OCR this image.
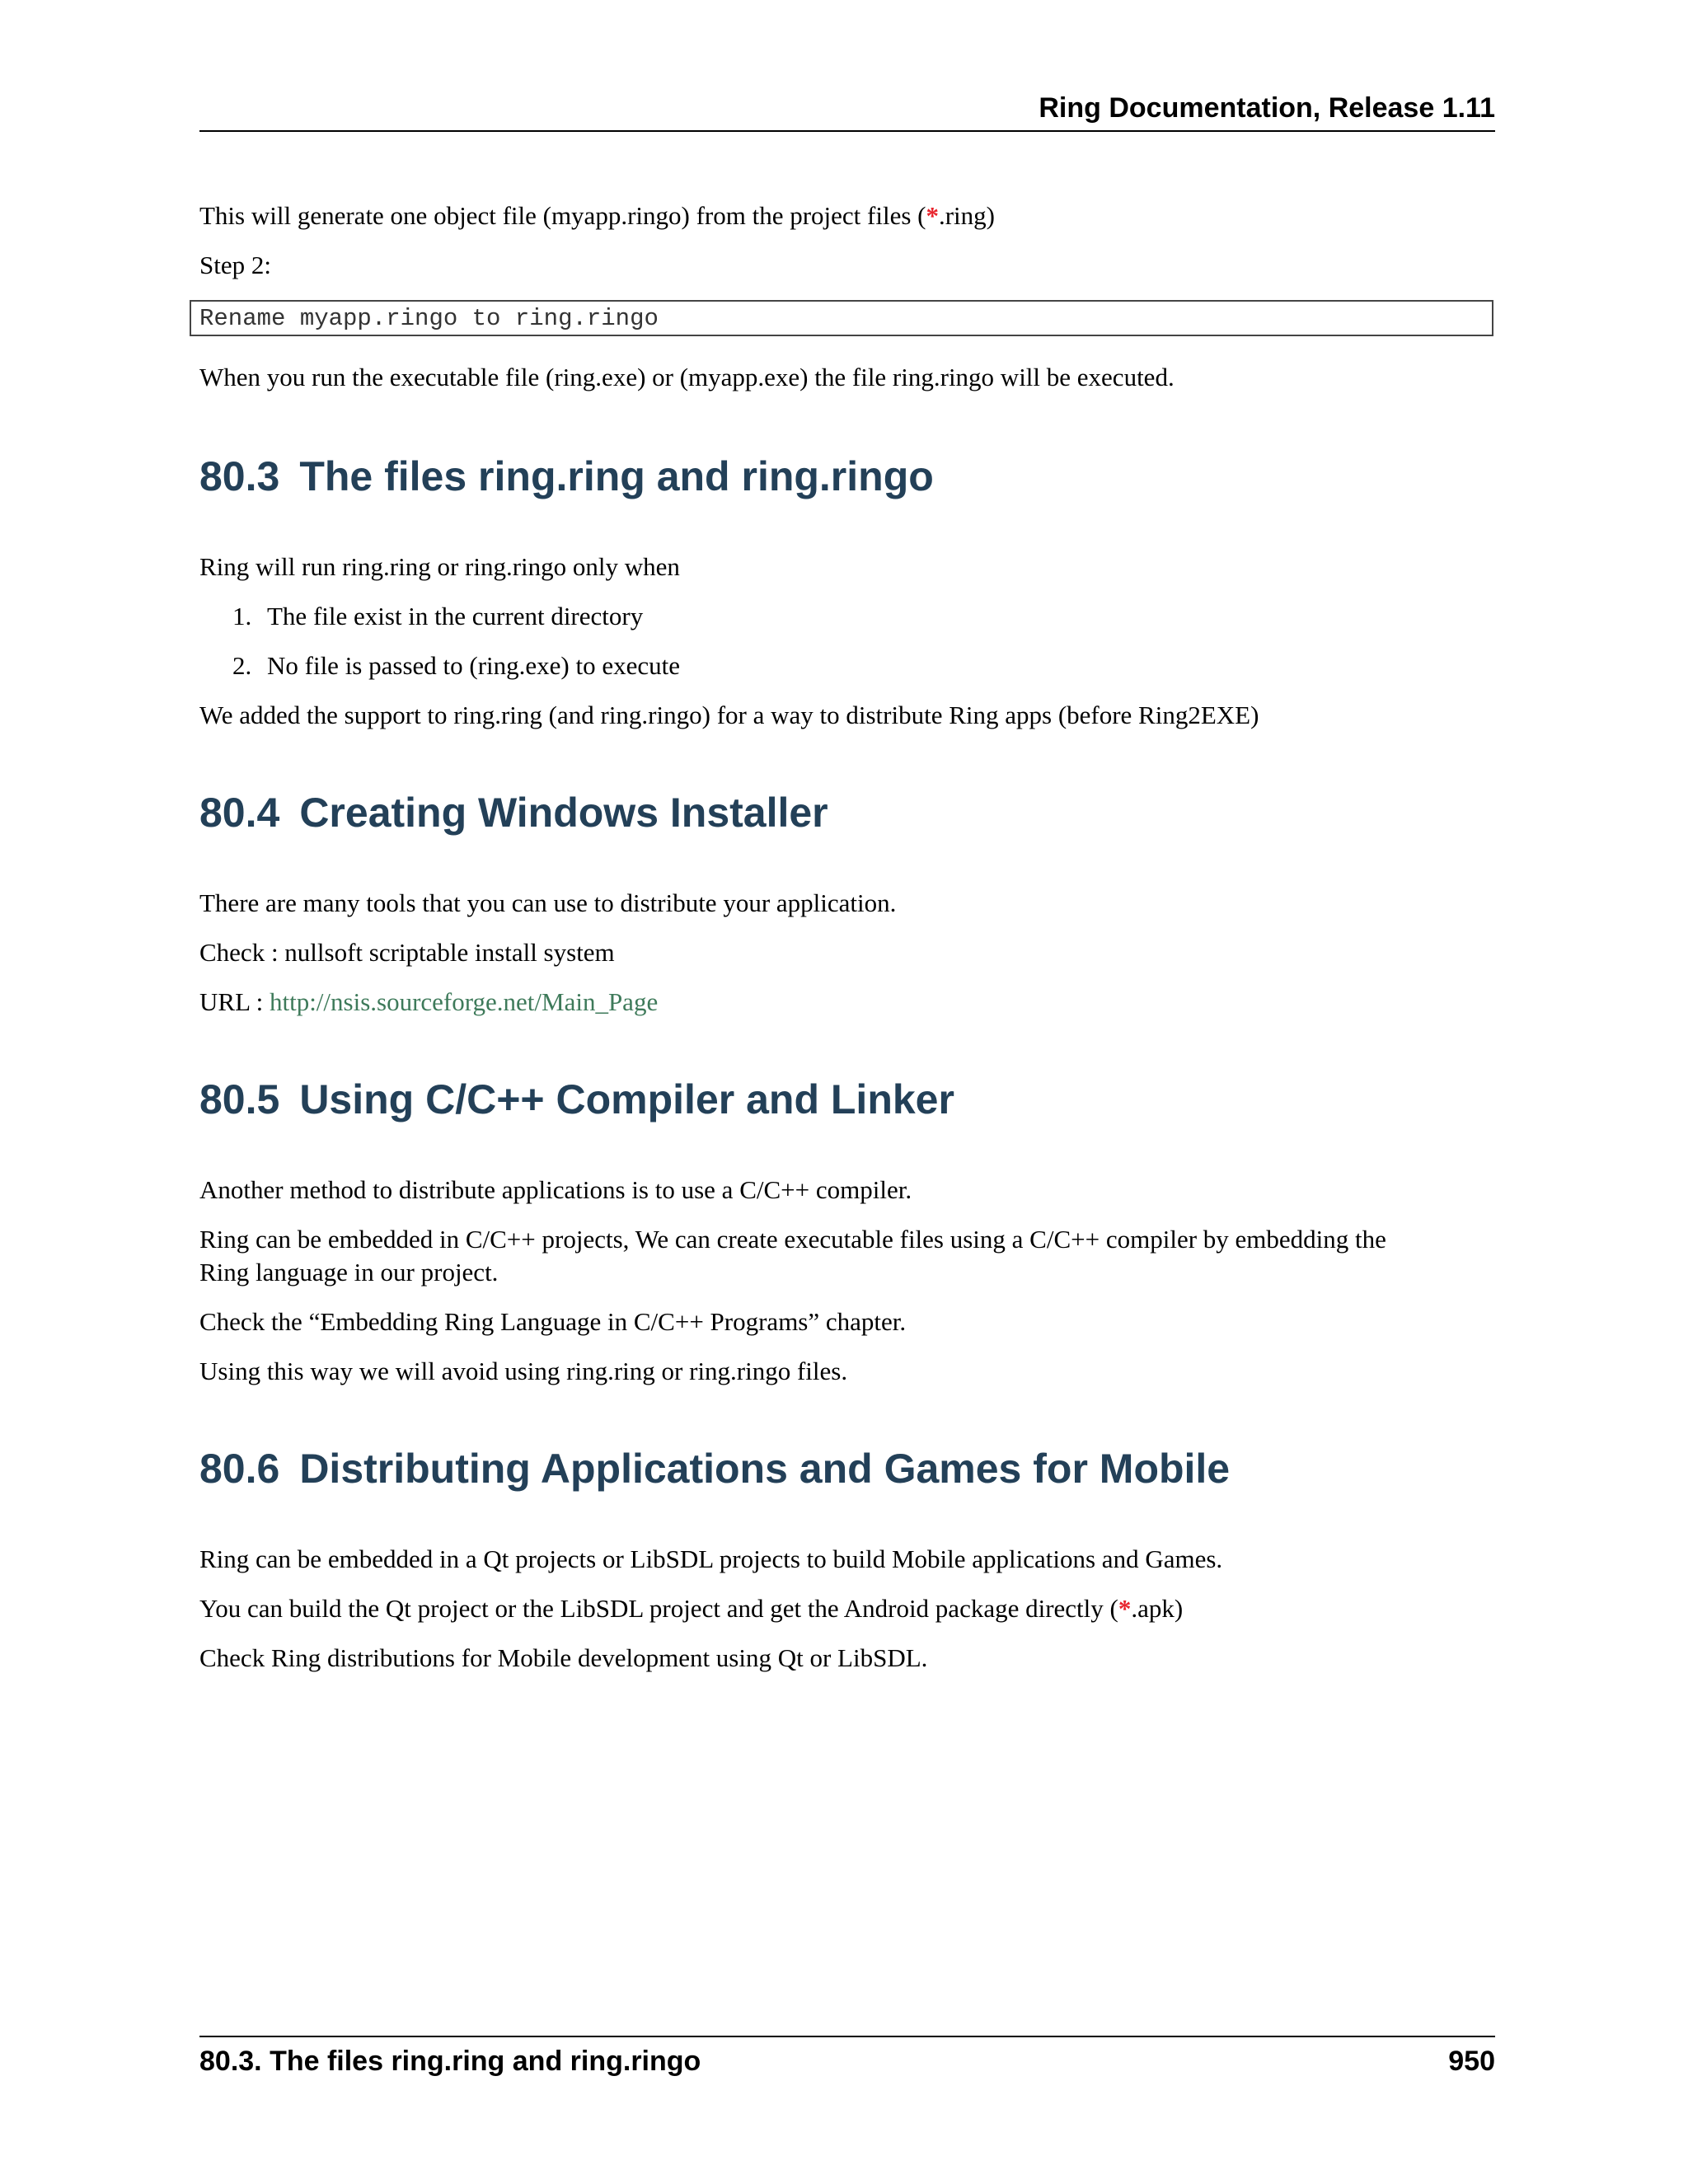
Ring Documentation, Release 1.11

This will generate one object file (myapp.ringo) from the project files (*.ring)

Step 2:

Rename myapp.ringo to ring.ringo

When you run the executable file (ring.exe) or (myapp.exe) the file ring.ringo will be executed.

80.3 The files ring.ring and ring.ringo

Ring will run ring.ring or ring.ringo only when

1. The file exist in the current directory
2. No file is passed to (ring.exe) to execute

We added the support to ring.ring (and ring.ringo) for a way to distribute Ring apps (before Ring2EXE)

80.4 Creating Windows Installer

There are many tools that you can use to distribute your application.

Check : nullsoft scriptable install system

URL : http://nsis.sourceforge.net/Main_Page

80.5 Using C/C++ Compiler and Linker

Another method to distribute applications is to use a C/C++ compiler.

Ring can be embedded in C/C++ projects, We can create executable files using a C/C++ compiler by embedding the

Ring language in our project.

Check the “Embedding Ring Language in C/C++ Programs” chapter.

Using this way we will avoid using ring.ring or ring.ringo files.

80.6 Distributing Applications and Games for Mobile

Ring can be embedded in a Qt projects or LibSDL projects to build Mobile applications and Games.

You can build the Qt project or the LibSDL project and get the Android package directly (*.apk)

Check Ring distributions for Mobile development using Qt or LibSDL.

80.3. The files ring.ring and ring.ringo	950
